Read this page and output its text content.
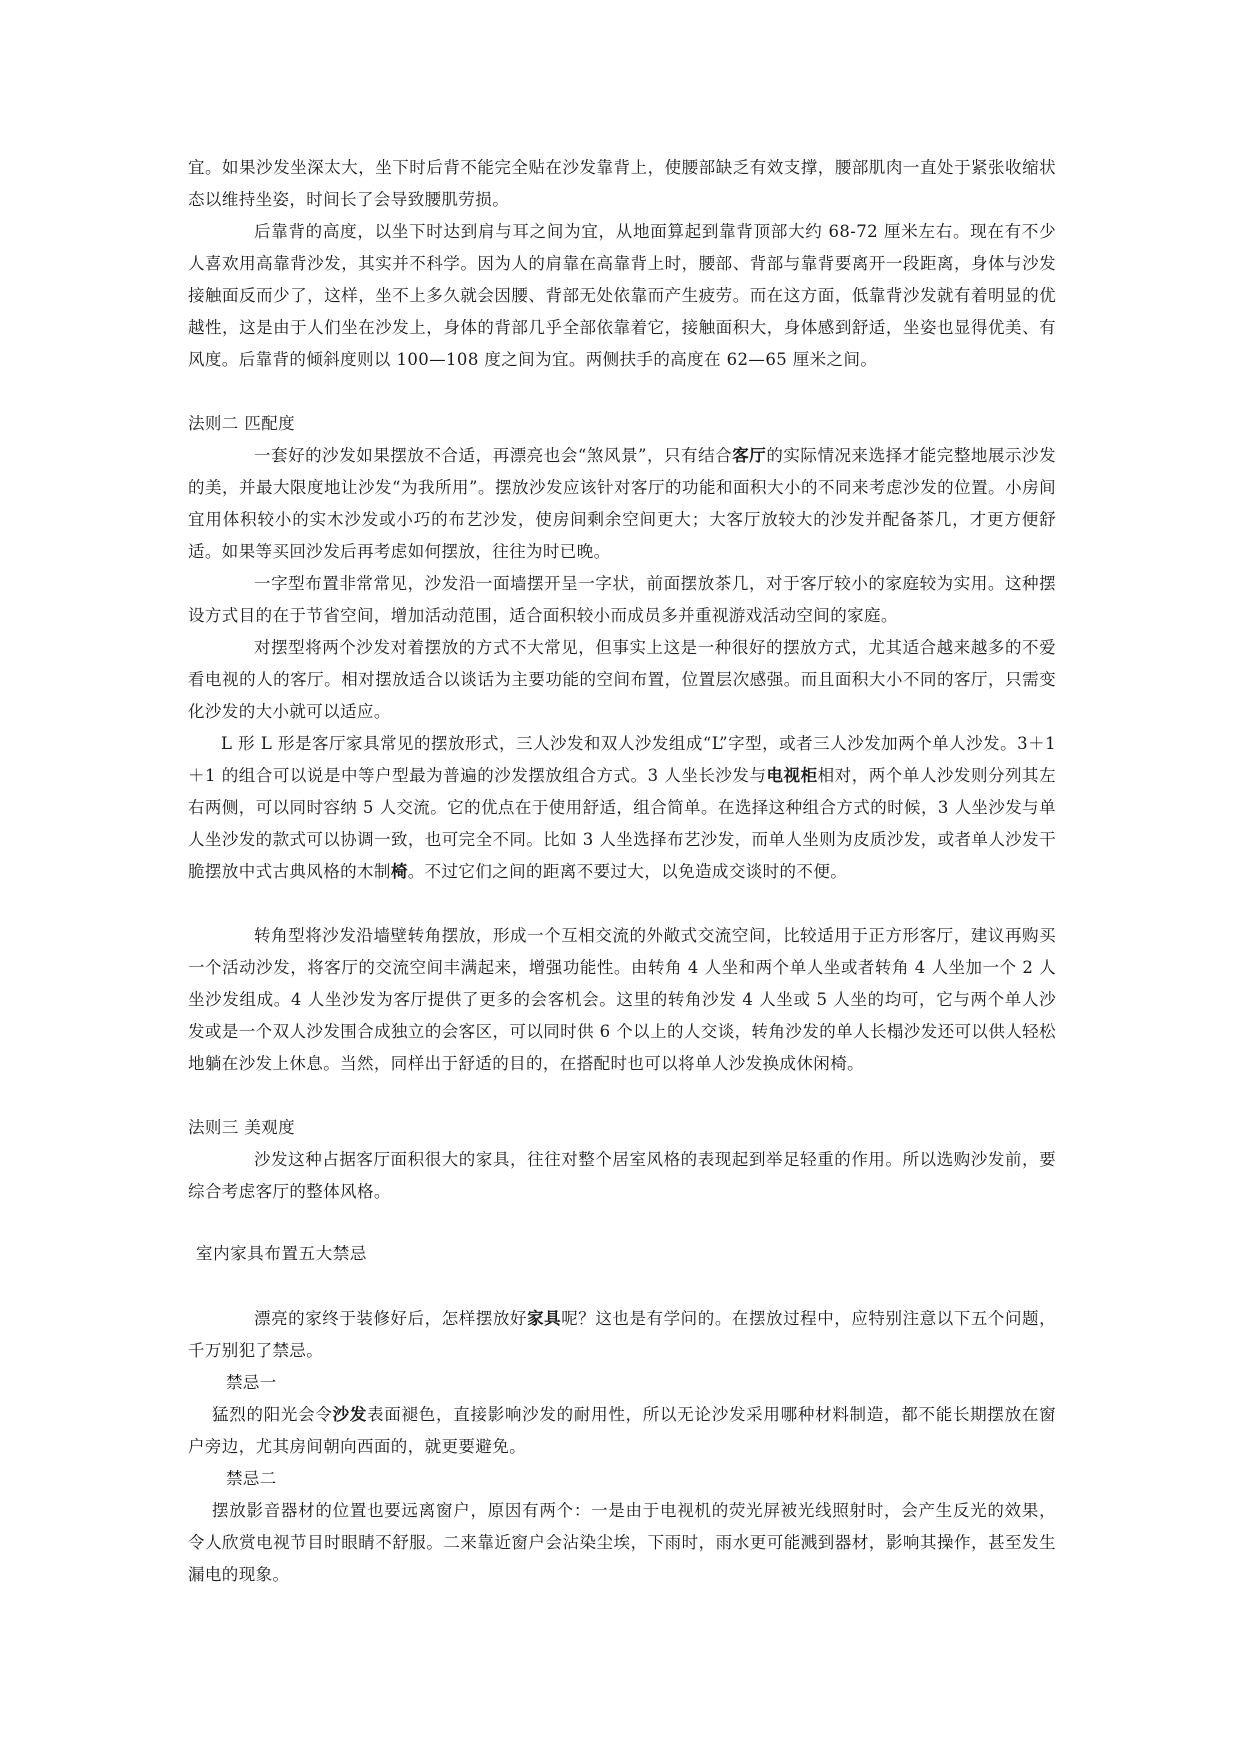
宜。如果沙发坐深太大，坐下时后背不能完全贴在沙发靠背上，使腰部缺乏有效支撑，腰部肌肉一直处于紧张收缩状态以维持坐姿，时间长了会导致腰肌劳损。

后靠背的高度，以坐下时达到肩与耳之间为宜，从地面算起到靠背顶部大约 68-72 厘米左右。现在有不少人喜欢用高靠背沙发，其实并不科学。因为人的肩靠在高靠背上时，腰部、背部与靠背要离开一段距离，身体与沙发接触面反而少了，这样，坐不上多久就会因腰、背部无处依靠而产生疲劳。而在这方面，低靠背沙发就有着明显的优越性，这是由于人们坐在沙发上，身体的背部几乎全部依靠着它，接触面积大，身体感到舒适，坐姿也显得优美、有风度。后靠背的倾斜度则以 100—108 度之间为宜。两侧扶手的高度在 62—65 厘米之间。

法则二 匹配度

一套好的沙发如果摆放不合适，再漂亮也会“煞风景”，只有结合客厅的实际情况来选择才能完整地展示沙发的美，并最大限度地让沙发“为我所用”。摆放沙发应该针对客厅的功能和面积大小的不同来考虑沙发的位置。小房间宜用体积较小的实木沙发或小巧的布艺沙发，使房间剩余空间更大；大客厅放较大的沙发并配备茶几，才更方便舒适。如果等买回沙发后再考虑如何摆放，往往为时已晚。

一字型布置非常常见，沙发沿一面墙摆开呈一字状，前面摆放茶几，对于客厅较小的家庭较为实用。这种摆设方式目的在于节省空间，增加活动范围，适合面积较小而成员多并重视游戏活动空间的家庭。

对摆型将两个沙发对着摆放的方式不大常见，但事实上这是一种很好的摆放方式，尤其适合越来越多的不爱看电视的人的客厅。相对摆放适合以谈话为主要功能的空间布置，位置层次感强。而且面积大小不同的客厅，只需变化沙发的大小就可以适应。

L 形 L 形是客厅家具常见的摆放形式，三人沙发和双人沙发组成“L”字型，或者三人沙发加两个单人沙发。3＋1＋1 的组合可以说是中等户型最为普遍的沙发摆放组合方式。3 人坐长沙发与电视柜相对，两个单人沙发则分列其左右两侧，可以同时容纳 5 人交流。它的优点在于使用舒适，组合简单。在选择这种组合方式的时候，3 人坐沙发与单人坐沙发的款式可以协调一致，也可完全不同。比如 3 人坐选择布艺沙发，而单人坐则为皮质沙发，或者单人沙发干脆摆放中式古典风格的木制椅。不过它们之间的距离不要过大，以免造成交谈时的不便。

转角型将沙发沿墙壁转角摆放，形成一个互相交流的外敞式交流空间，比较适用于正方形客厅，建议再购买一个活动沙发，将客厅的交流空间丰满起来，增强功能性。由转角 4 人坐和两个单人坐或者转角 4 人坐加一个 2 人坐沙发组成。4 人坐沙发为客厅提供了更多的会客机会。这里的转角沙发 4 人坐或 5 人坐的均可，它与两个单人沙发或是一个双人沙发围合成独立的会客区，可以同时供 6 个以上的人交谈，转角沙发的单人长榻沙发还可以供人轻松地躺在沙发上休息。当然，同样出于舒适的目的，在搭配时也可以将单人沙发换成休闲椅。

法则三 美观度

沙发这种占据客厅面积很大的家具，往往对整个居室风格的表现起到举足轻重的作用。所以选购沙发前，要综合考虑客厅的整体风格。

室内家具布置五大禁忌

漂亮的家终于装修好后，怎样摆放好家具呢？这也是有学问的。在摆放过程中，应特别注意以下五个问题，千万别犯了禁忌。

禁忌一

猛烈的阳光会令沙发表面褪色，直接影响沙发的耐用性，所以无论沙发采用哪种材料制造，都不能长期摆放在窗户旁边，尤其房间朝向西面的，就更要避免。

禁忌二

摆放影音器材的位置也要远离窗户，原因有两个：一是由于电视机的荧光屏被光线照射时，会产生反光的效果，令人欣赏电视节目时眼睛不舒服。二来靠近窗户会沾染尘埃，下雨时，雨水更可能溅到器材，影响其操作，甚至发生漏电的现象。
